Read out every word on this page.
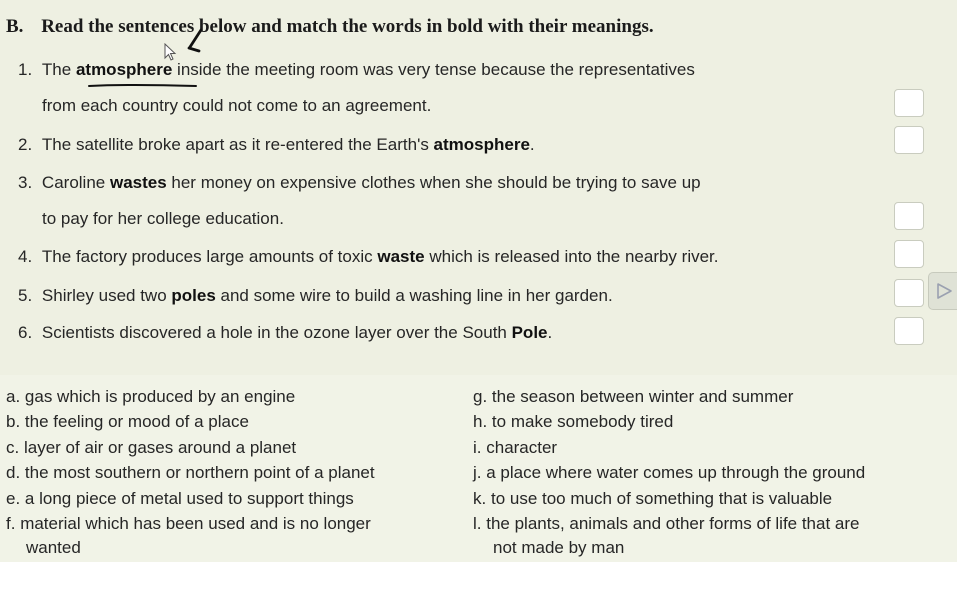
B. Read the sentences below and match the words in bold with their meanings.
1. The atmosphere inside the meeting room was very tense because the representatives
from each country could not come to an agreement.
2. The satellite broke apart as it re-entered the Earth's atmosphere.
3. Caroline wastes her money on expensive clothes when she should be trying to save up
to pay for her college education.
4. The factory produces large amounts of toxic waste which is released into the nearby river.
5. Shirley used two poles and some wire to build a washing line in her garden.
6. Scientists discovered a hole in the ozone layer over the South Pole.
a. gas which is produced by an engine
b. the feeling or mood of a place
c. layer of air or gases around a planet
d. the most southern or northern point of a planet
e. a long piece of metal used to support things
f. material which has been used and is no longer
wanted
g. the season between winter and summer
h. to make somebody tired
i. character
j. a place where water comes up through the ground
k. to use too much of something that is valuable
l. the plants, animals and other forms of life that are
not made by man
